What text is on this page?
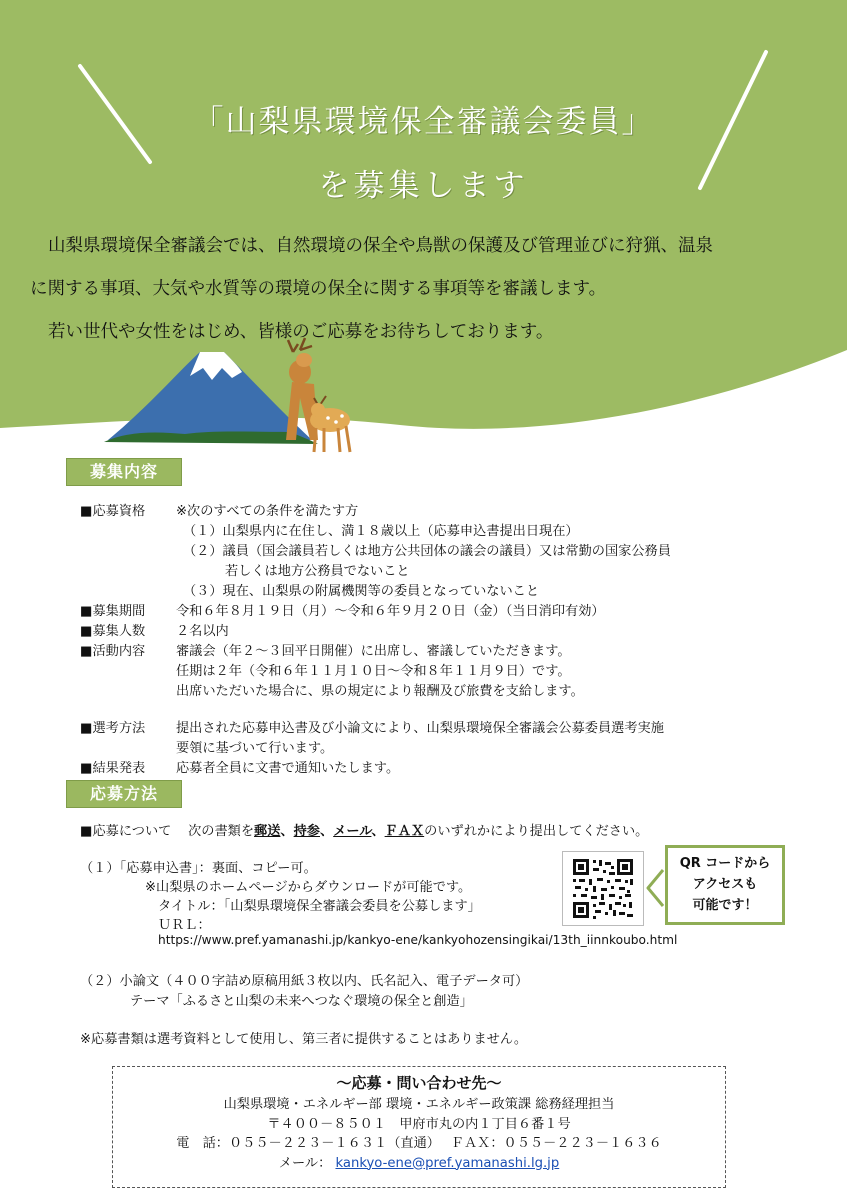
「山梨県環境保全審議会委員」
を募集します
山梨県環境保全審議会では、自然環境の保全や鳥獣の保護及び管理並びに狩猟、温泉
に関する事項、大気や水質等の環境の保全に関する事項等を審議します。
若い世代や女性をはじめ、皆様のご応募をお待ちしております。
募集内容
■応募資格 ※次のすべての条件を満たす方
（１）山梨県内に在住し、満１８歳以上（応募申込書提出日現在）
（２）議員（国会議員若しくは地方公共団体の議会の議員）又は常勤の国家公務員
若しくは地方公務員でないこと
（３）現在、山梨県の附属機関等の委員となっていないこと
■募集期間 令和６年８月１９日（月）～令和６年９月２０日（金）（当日消印有効）
■募集人数 ２名以内
■活動内容 審議会（年２～３回平日開催）に出席し、審議していただきます。
任期は２年（令和６年１１月１０日～令和８年１１月９日）です。
出席いただいた場合に、県の規定により報酬及び旅費を支給します。
■選考方法 提出された応募申込書及び小論文により、山梨県環境保全審議会公募委員選考実施
要領に基づいて行います。
■結果発表 応募者全員に文書で通知いたします。
応募方法
■応募について 次の書類を郵送、持参、メール、ＦＡＸのいずれかにより提出してください。
（１）「応募申込書」：裏面、コピー可。
※山梨県のホームページからダウンロードが可能です。
タイトル：「山梨県環境保全審議会委員を公募します」
ＵＲＬ：
https://www.pref.yamanashi.jp/kankyo-ene/kankyohozensingikai/13th_iinnkoubo.html
QR コードから
アクセスも
可能です！
（２）小論文（４００字詰め原稿用紙３枚以内、氏名記入、電子データ可）
テーマ「ふるさと山梨の未来へつなぐ環境の保全と創造」
※応募書類は選考資料として使用し、第三者に提供することはありません。
～応募・問い合わせ先～
山梨県環境・エネルギー部 環境・エネルギー政策課 総務経理担当
〒４００－８５０１　甲府市丸の内１丁目６番１号
電　話：０５５－２２３－１６３１（直通）　 ＦＡＸ：０５５－２２３－１６３６
メール： kankyo-ene@pref.yamanashi.lg.jp
